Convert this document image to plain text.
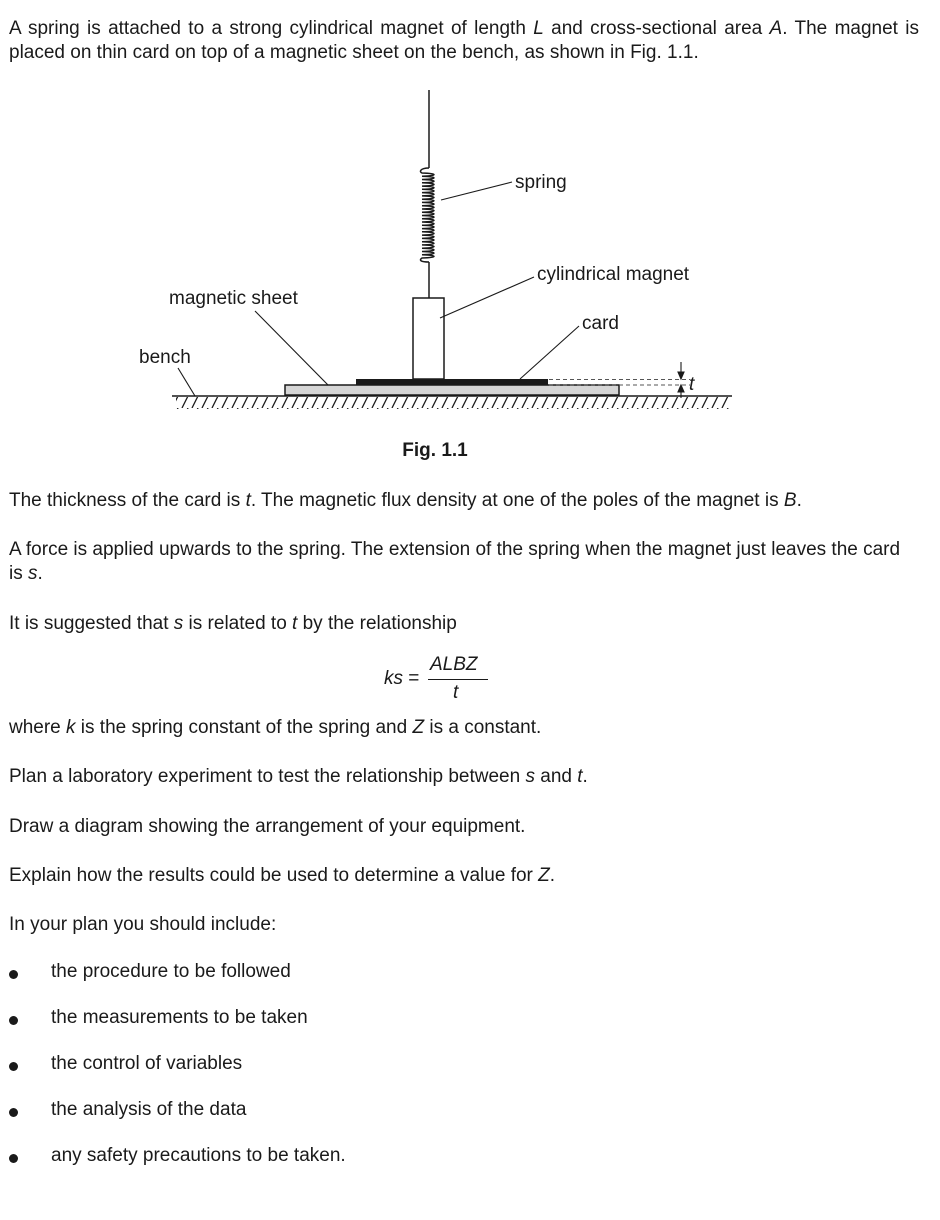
A spring is attached to a strong cylindrical magnet of length L and cross-sectional area A. The magnet is placed on thin card on top of a magnetic sheet on the bench, as shown in Fig. 1.1.

t
spring
cylindrical magnet
card
magnetic sheet
bench
Fig. 1.1

The thickness of the card is t. The magnetic flux density at one of the poles of the magnet is B.

A force is applied upwards to the spring. The extension of the spring when the magnet just leaves the card is s.

It is suggested that s is related to t by the relationship

ks =
ALBZ
t

where k is the spring constant of the spring and Z is a constant.

Plan a laboratory experiment to test the relationship between s and t.

Draw a diagram showing the arrangement of your equipment.

Explain how the results could be used to determine a value for Z.

In your plan you should include:

the procedure to be followed
the measurements to be taken
the control of variables
the analysis of the data
any safety precautions to be taken.
